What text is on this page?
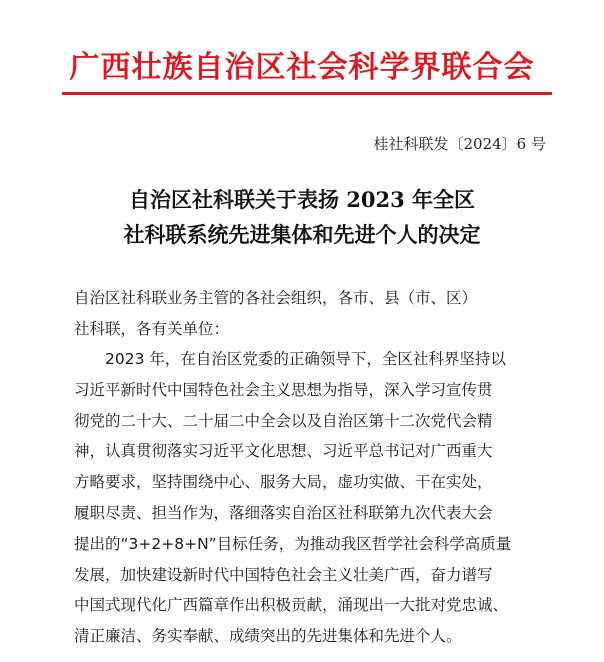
广西壮族自治区社会科学界联合会
桂社科联发〔2024〕6 号
自治区社科联关于表扬 2023 年全区
社科联系统先进集体和先进个人的决定
自治区社科联业务主管的各社会组织，各市、县（市、区）
社科联，各有关单位：
2023 年，在自治区党委的正确领导下，全区社科界坚持以
习近平新时代中国特色社会主义思想为指导，深入学习宣传贯
彻党的二十大、二十届二中全会以及自治区第十二次党代会精
神，认真贯彻落实习近平文化思想、习近平总书记对广西重大
方略要求，坚持围绕中心、服务大局，虚功实做、干在实处，
履职尽责、担当作为，落细落实自治区社科联第九次代表大会
提出的“3+2+8+N”目标任务，为推动我区哲学社会科学高质量
发展，加快建设新时代中国特色社会主义壮美广西，奋力谱写
中国式现代化广西篇章作出积极贡献，涌现出一大批对党忠诚、
清正廉洁、务实奉献、成绩突出的先进集体和先进个人。
